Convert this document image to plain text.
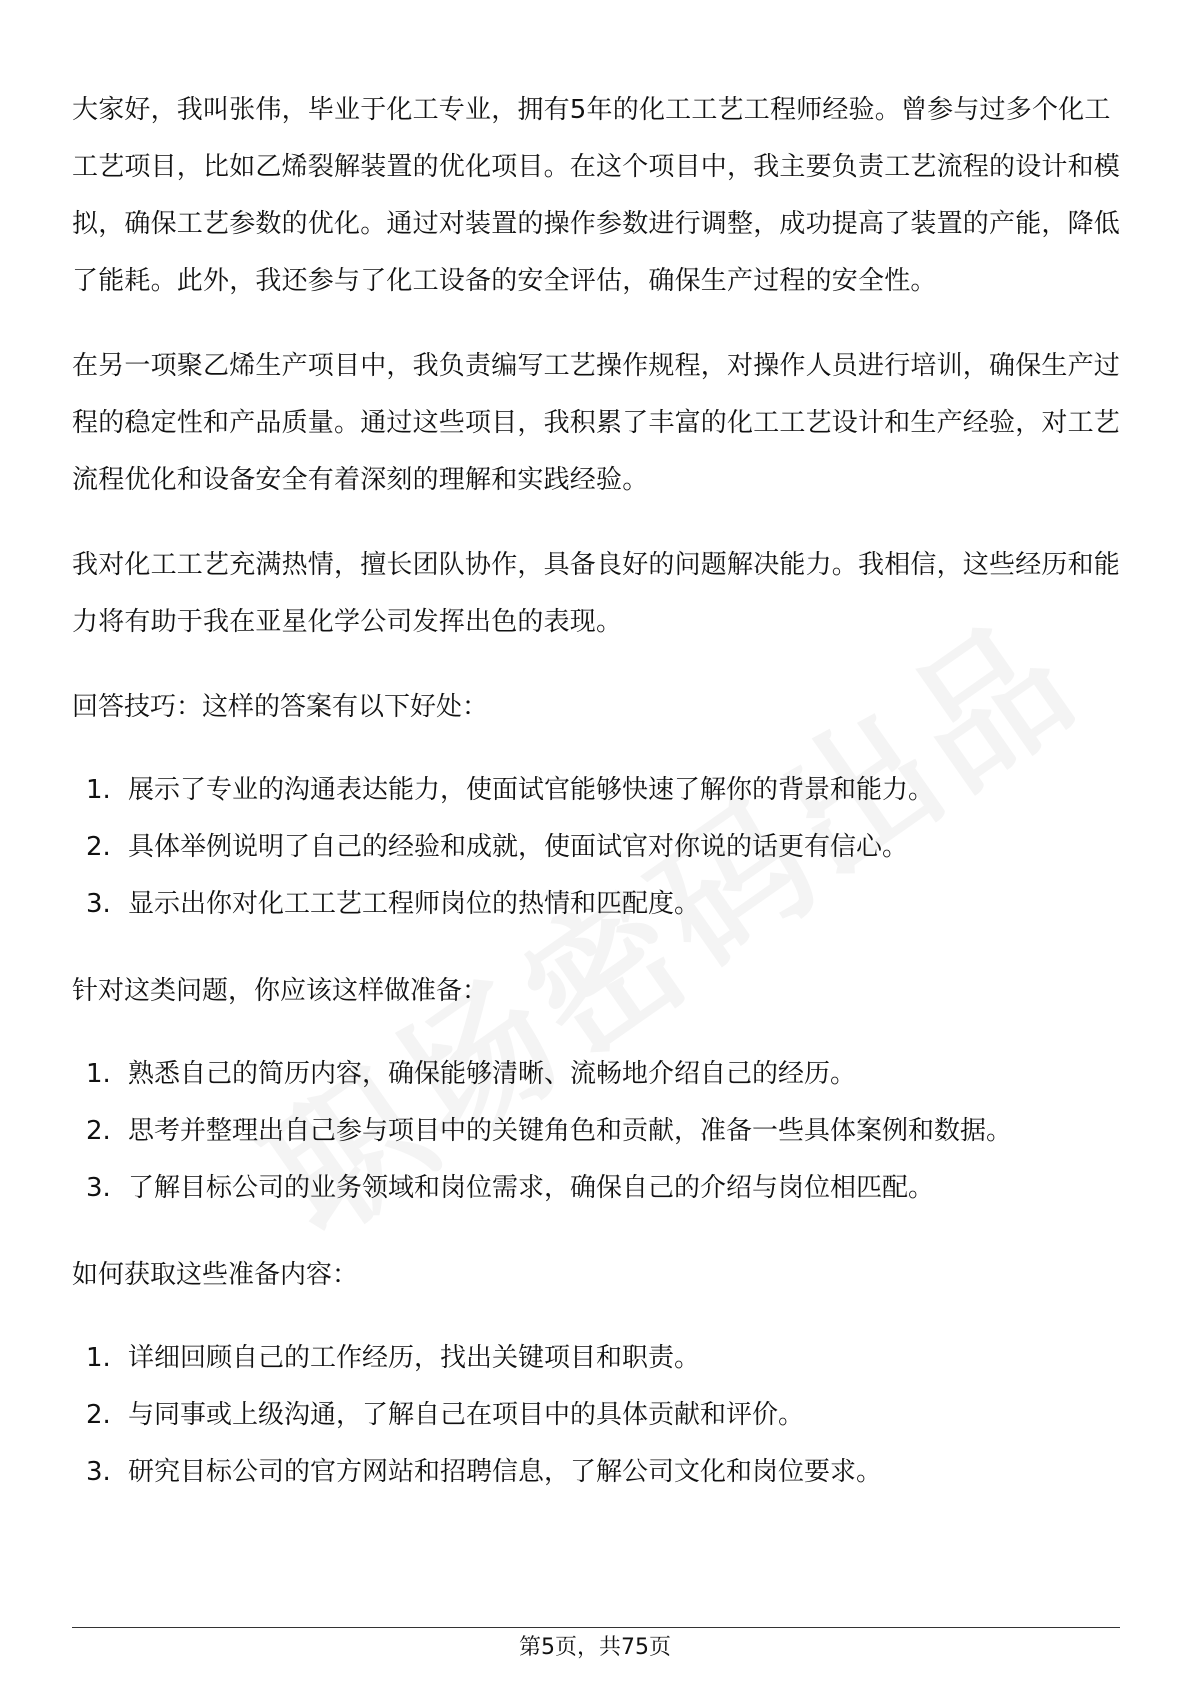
大家好，我叫张伟，毕业于化工专业，拥有5年的化工工艺工程师经验。曾参与过多个化工工艺项目，比如乙烯裂解装置的优化项目。在这个项目中，我主要负责工艺流程的设计和模拟，确保工艺参数的优化。通过对装置的操作参数进行调整，成功提高了装置的产能，降低了能耗。此外，我还参与了化工设备的安全评估，确保生产过程的安全性。

在另一项聚乙烯生产项目中，我负责编写工艺操作规程，对操作人员进行培训，确保生产过程的稳定性和产品质量。通过这些项目，我积累了丰富的化工工艺设计和生产经验，对工艺流程优化和设备安全有着深刻的理解和实践经验。

我对化工工艺充满热情，擅长团队协作，具备良好的问题解决能力。我相信，这些经历和能力将有助于我在亚星化学公司发挥出色的表现。

回答技巧：这样的答案有以下好处：

1. 展示了专业的沟通表达能力，使面试官能够快速了解你的背景和能力。
2. 具体举例说明了自己的经验和成就，使面试官对你说的话更有信心。
3. 显示出你对化工工艺工程师岗位的热情和匹配度。

针对这类问题，你应该这样做准备：

1. 熟悉自己的简历内容，确保能够清晰、流畅地介绍自己的经历。
2. 思考并整理出自己参与项目中的关键角色和贡献，准备一些具体案例和数据。
3. 了解目标公司的业务领域和岗位需求，确保自己的介绍与岗位相匹配。

如何获取这些准备内容：

1. 详细回顾自己的工作经历，找出关键项目和职责。
2. 与同事或上级沟通，了解自己在项目中的具体贡献和评价。
3. 研究目标公司的官方网站和招聘信息，了解公司文化和岗位要求。
第5页，共75页
